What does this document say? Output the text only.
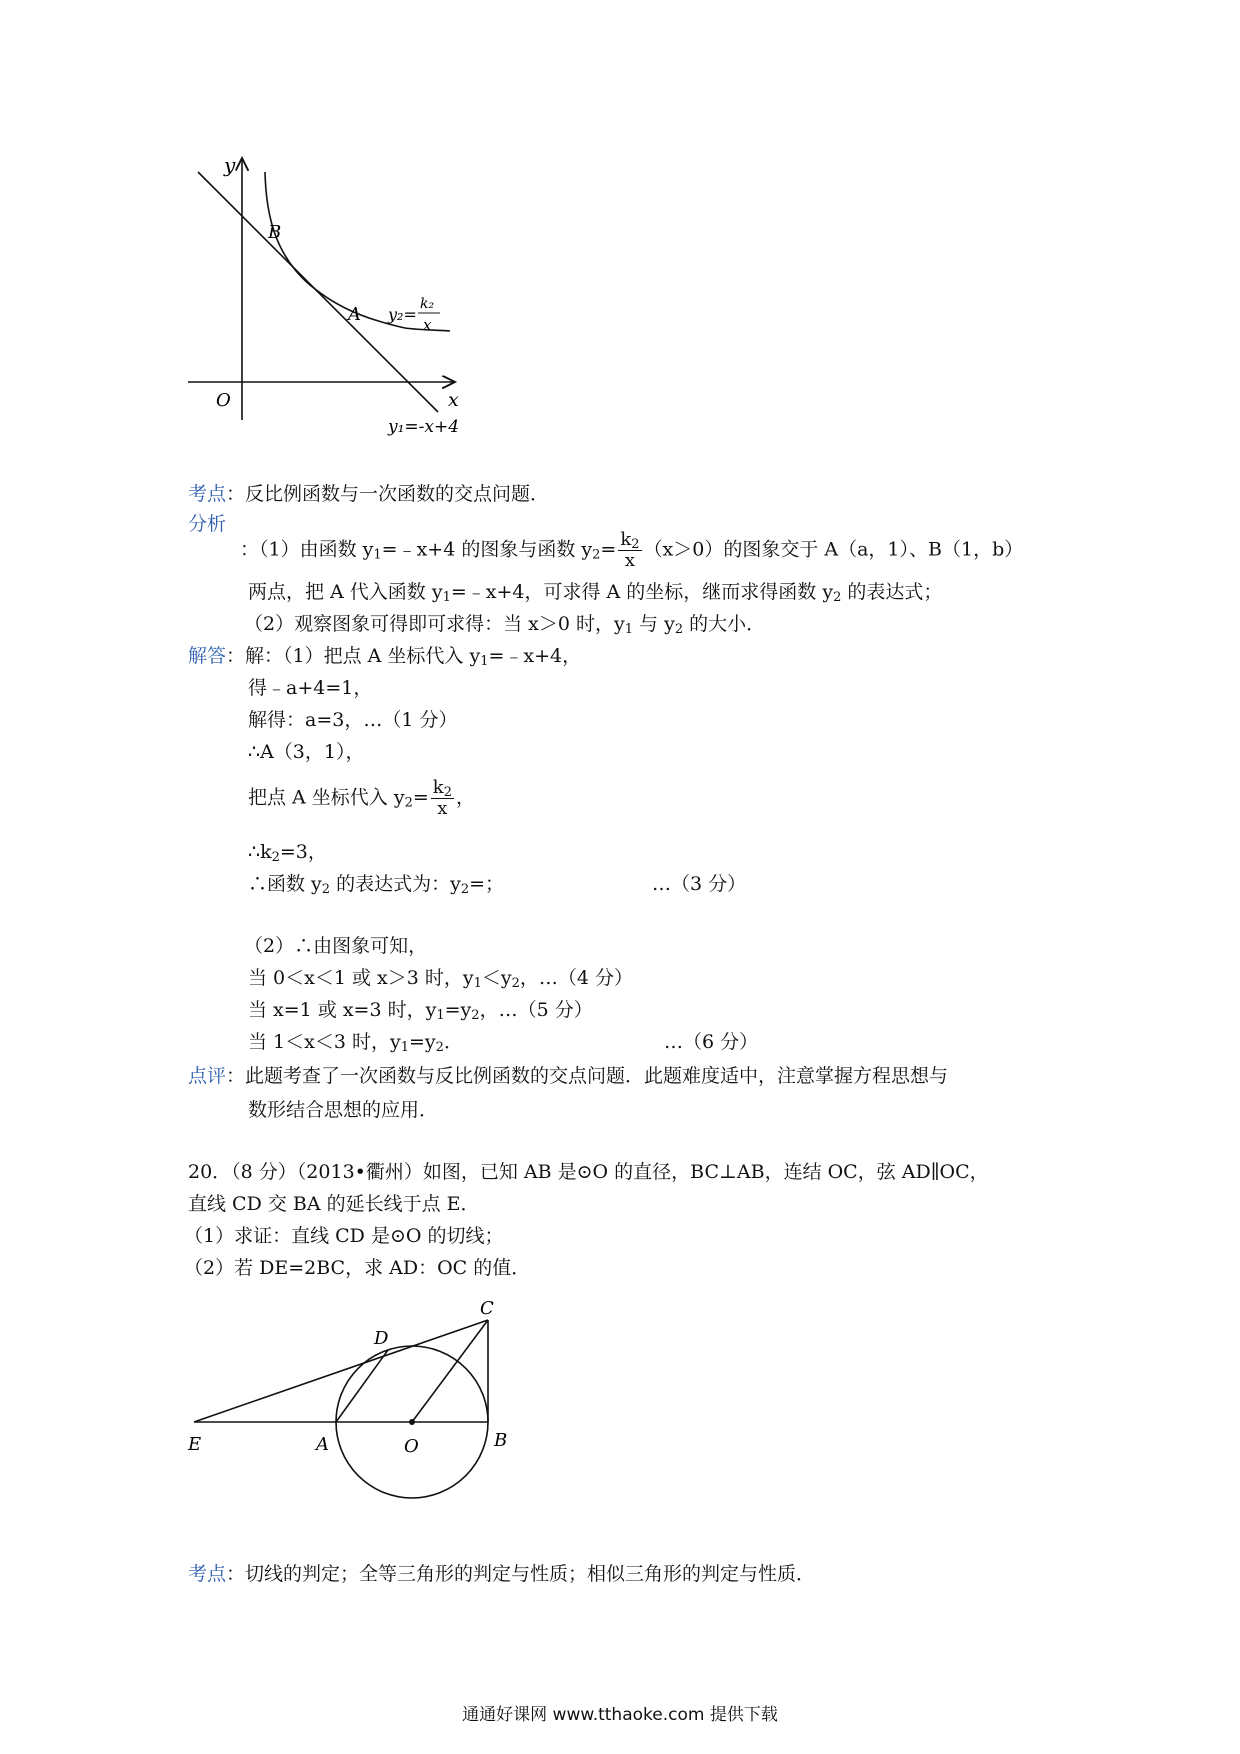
y
B
A
O	x
y₂=
k₂
x
y₁=-x+4
考点：反比例函数与一次函数的交点问题．
分析
：（1）由函数 $y_1=﹣x+4$ 的图象与函数 $y_2= \frac{k_2}{x} (x>0)$的图象交于 A（a，1）、B（1，b）
两点，把 A 代入函数 $y_1=﹣x+4$，可求得 A 的坐标，继而求得函数 $y_2$ 的表达式；
（2）观察图象可得即可求得：当 x＞0 时，$y_1$ 与 $y_2$ 的大小．
解答：解：（1）把点 A 坐标代入 $y_1=﹣x+4$，
得﹣a+4=1，
解得：a=3，…（1 分）
∴A（3，1），
把点 A 坐标代入 $y_2= \frac{k_2}{x}$ ，
$\therefore k_2=3$，
∴函数 $y_2$ 的表达式为：$y_2=$；	…（3 分）
（2）∴由图象可知，
当 0＜x＜1 或 x＞3 时，$y_1<y_2$，…（4 分）
当 x=1 或 x=3 时，$y_1=y_2$，…（5 分）
当 1＜x＜3 时，$y_1=y_2$．	…（6 分）
点评：此题考查了一次函数与反比例函数的交点问题．此题难度适中，注意掌握方程思想与
数形结合思想的应用．
20．（8 分）（2013•衢州）如图，已知 AB 是⊙O 的直径，BC⊥AB，连结 OC，弦 AD∥OC，
直线 CD 交 BA 的延长线于点 E．
（1）求证：直线 CD 是⊙O 的切线；
（2）若 DE=2BC，求 AD：OC 的值．
C
D
E	A	O	B
考点：切线的判定；全等三角形的判定与性质；相似三角形的判定与性质．
通通好课网 www.tthaoke.com 提供下载
